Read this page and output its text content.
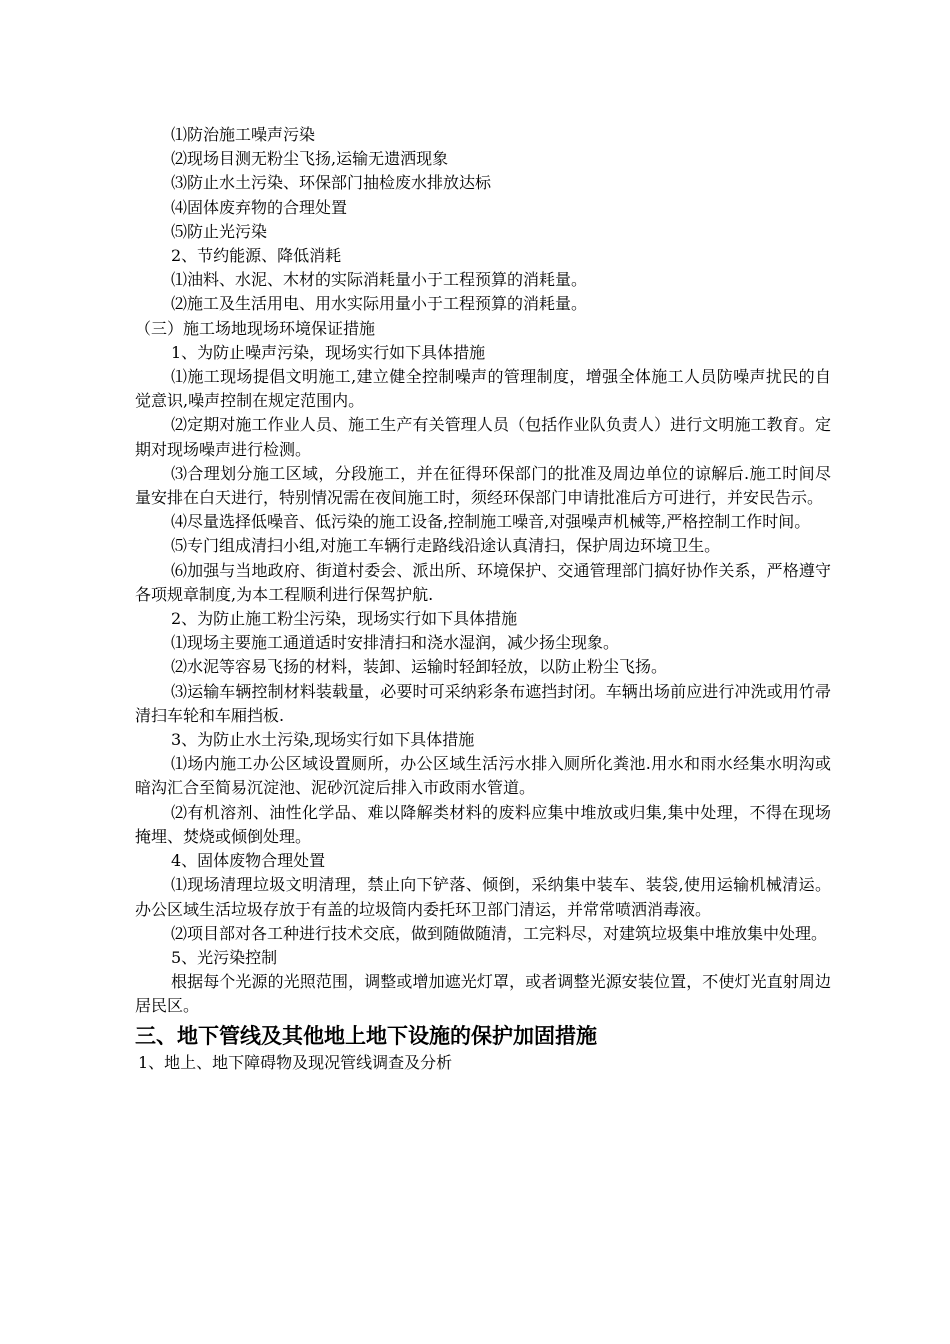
⑴防治施工噪声污染
⑵现场目测无粉尘飞扬,运输无遗洒现象
⑶防止水土污染、环保部门抽检废水排放达标
⑷固体废弃物的合理处置
⑸防止光污染
2、节约能源、降低消耗
⑴油料、水泥、木材的实际消耗量小于工程预算的消耗量。
⑵施工及生活用电、用水实际用量小于工程预算的消耗量。
（三）施工场地现场环境保证措施
1、为防止噪声污染，现场实行如下具体措施
⑴施工现场提倡文明施工,建立健全控制噪声的管理制度，增强全体施工人员防噪声扰民的自觉意识,噪声控制在规定范围内。
⑵定期对施工作业人员、施工生产有关管理人员（包括作业队负责人）进行文明施工教育。定期对现场噪声进行检测。
⑶合理划分施工区域，分段施工，并在征得环保部门的批准及周边单位的谅解后.施工时间尽量安排在白天进行，特别情况需在夜间施工时，须经环保部门申请批准后方可进行，并安民告示。
⑷尽量选择低噪音、低污染的施工设备,控制施工噪音,对强噪声机械等,严格控制工作时间。
⑸专门组成清扫小组,对施工车辆行走路线沿途认真清扫，保护周边环境卫生。
⑹加强与当地政府、街道村委会、派出所、环境保护、交通管理部门搞好协作关系，严格遵守各项规章制度,为本工程顺利进行保驾护航.
2、为防止施工粉尘污染，现场实行如下具体措施
⑴现场主要施工通道适时安排清扫和浇水湿润，减少扬尘现象。
⑵水泥等容易飞扬的材料，装卸、运输时轻卸轻放，以防止粉尘飞扬。
⑶运输车辆控制材料装载量，必要时可采纳彩条布遮挡封闭。车辆出场前应进行冲洗或用竹帚清扫车轮和车厢挡板.
3、为防止水土污染,现场实行如下具体措施
⑴场内施工办公区域设置厕所，办公区域生活污水排入厕所化粪池.用水和雨水经集水明沟或暗沟汇合至简易沉淀池、泥砂沉淀后排入市政雨水管道。
⑵有机溶剂、油性化学品、难以降解类材料的废料应集中堆放或归集,集中处理，不得在现场掩埋、焚烧或倾倒处理。
4、固体废物合理处置
⑴现场清理垃圾文明清理，禁止向下铲落、倾倒，采纳集中装车、装袋,使用运输机械清运。办公区域生活垃圾存放于有盖的垃圾筒内委托环卫部门清运，并常常喷洒消毒液。
⑵项目部对各工种进行技术交底，做到随做随清，工完料尽，对建筑垃圾集中堆放集中处理。
5、光污染控制
根据每个光源的光照范围，调整或增加遮光灯罩，或者调整光源安装位置，不使灯光直射周边居民区。
三、地下管线及其他地上地下设施的保护加固措施
1、地上、地下障碍物及现况管线调查及分析
